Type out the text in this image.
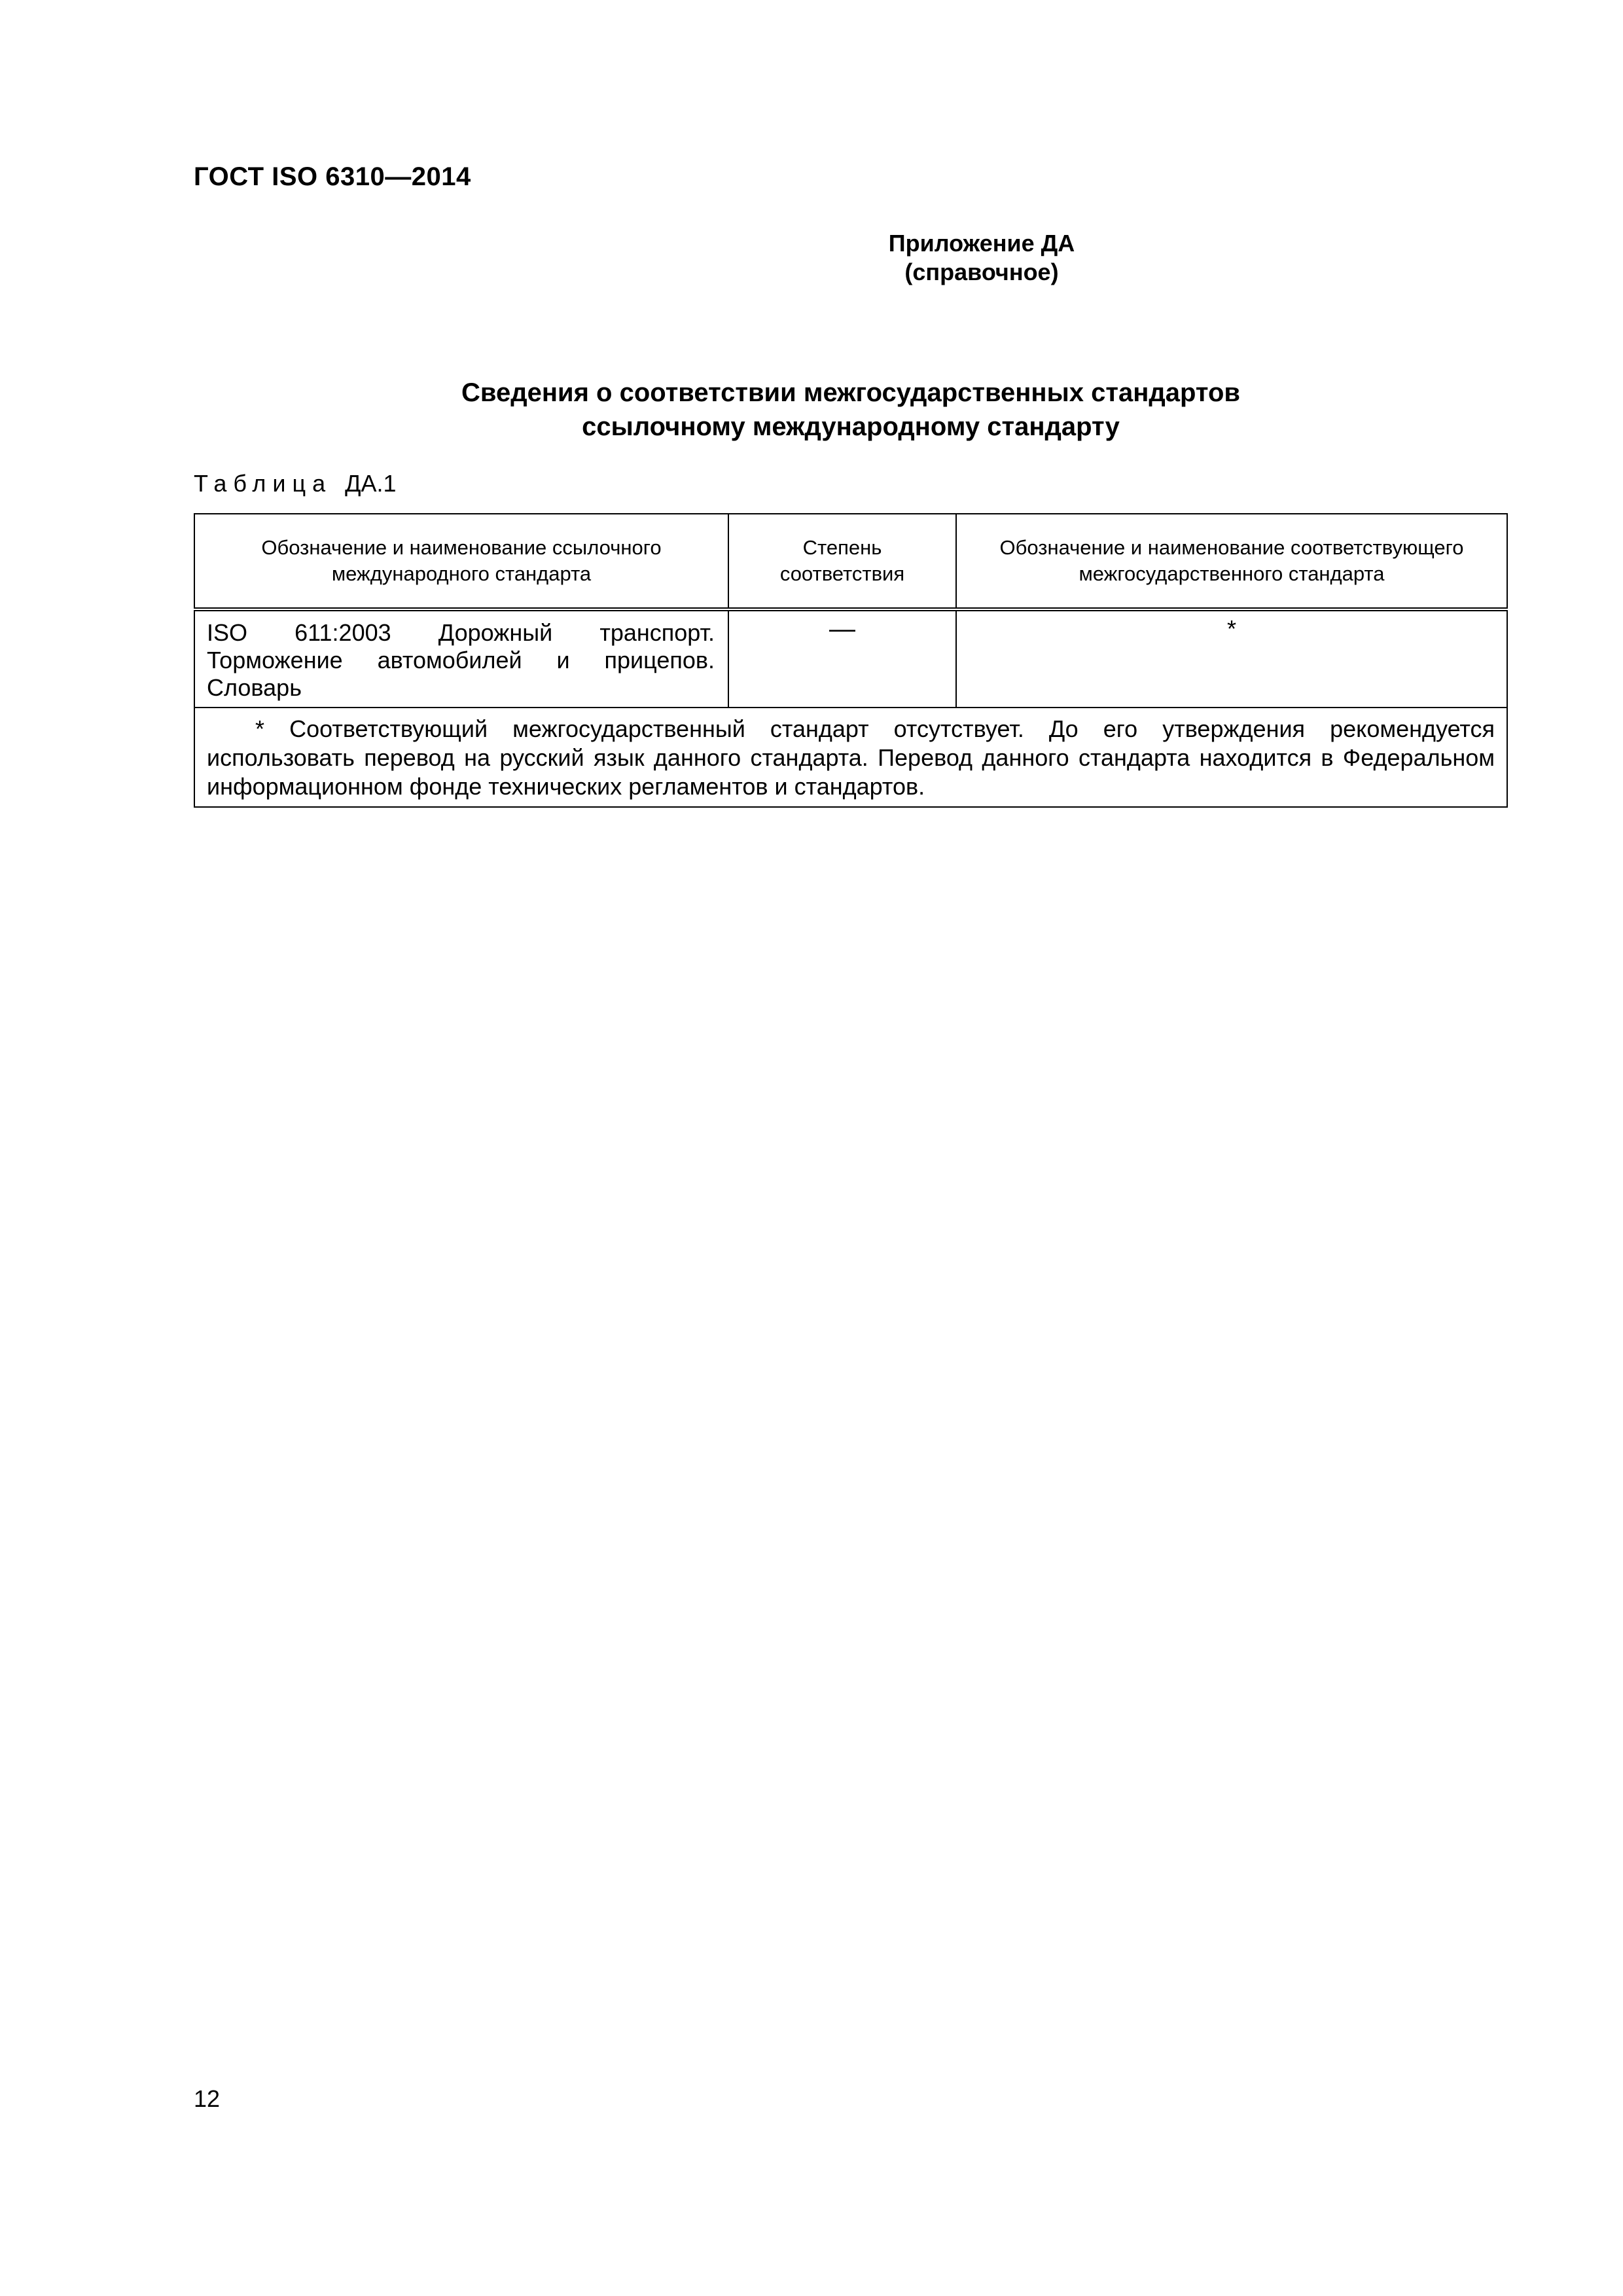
ГОСТ ISO 6310—2014
Приложение ДА
(справочное)
Сведения о соответствии межгосударственных стандартов
ссылочному международному стандарту
Таблица ДА.1
Обозначение и наименование ссылочного международного стандарта	Степень соответствия	Обозначение и наименование соответствующего межгосударственного стандарта
ISO 611:2003 Дорожный транспорт. Торможение автомобилей и прицепов. Словарь	—	*
* Соответствующий межгосударственный стандарт отсутствует. До его утверждения рекомендуется использовать перевод на русский язык данного стандарта. Перевод данного стандарта находится в Федеральном информационном фонде технических регламентов и стандартов.		
12
